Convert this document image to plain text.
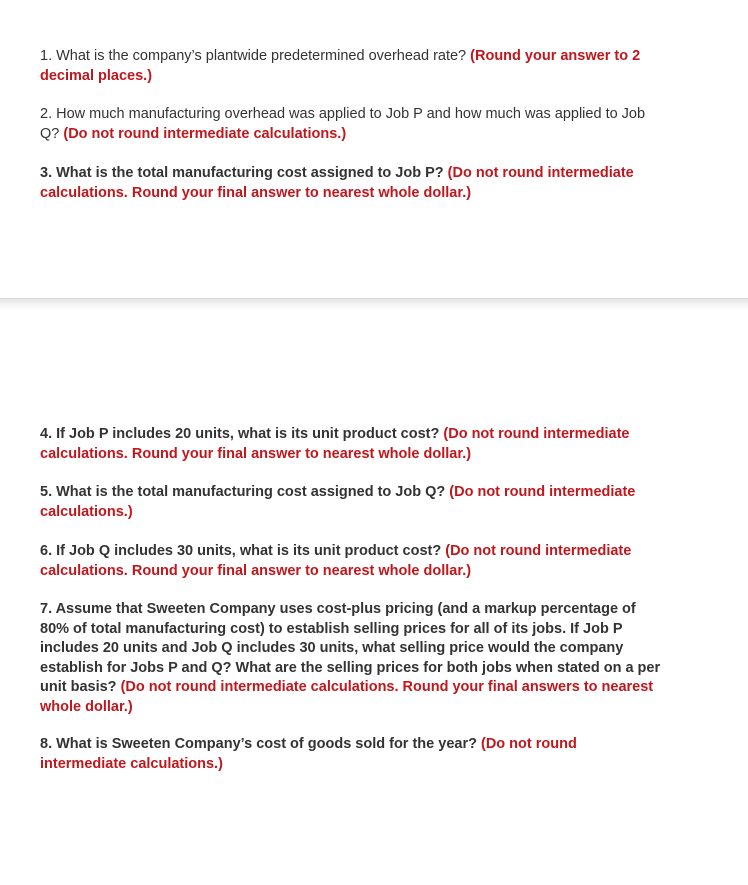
1. What is the company’s plantwide predetermined overhead rate? (Round your answer to 2 decimal places.)

2. How much manufacturing overhead was applied to Job P and how much was applied to Job Q? (Do not round intermediate calculations.)

3. What is the total manufacturing cost assigned to Job P? (Do not round intermediate calculations. Round your final answer to nearest whole dollar.)

4. If Job P includes 20 units, what is its unit product cost? (Do not round intermediate calculations. Round your final answer to nearest whole dollar.)

5. What is the total manufacturing cost assigned to Job Q? (Do not round intermediate calculations.)

6. If Job Q includes 30 units, what is its unit product cost? (Do not round intermediate calculations. Round your final answer to nearest whole dollar.)

7. Assume that Sweeten Company uses cost-plus pricing (and a markup percentage of 80% of total manufacturing cost) to establish selling prices for all of its jobs. If Job P includes 20 units and Job Q includes 30 units, what selling price would the company establish for Jobs P and Q? What are the selling prices for both jobs when stated on a per unit basis? (Do not round intermediate calculations. Round your final answers to nearest whole dollar.)

8. What is Sweeten Company’s cost of goods sold for the year? (Do not round intermediate calculations.)
